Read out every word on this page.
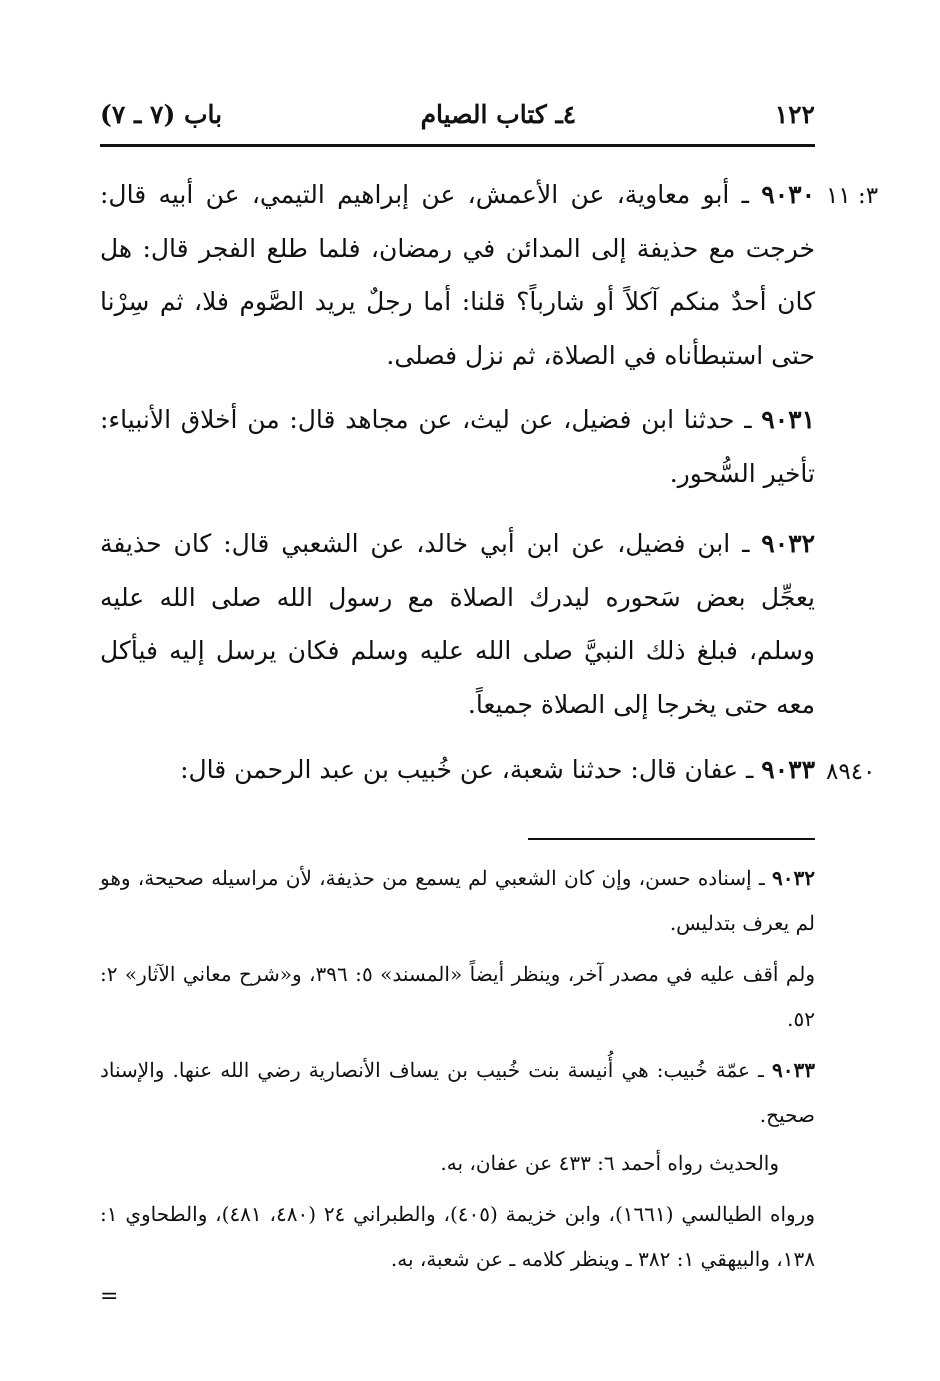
١٢٢
٤ـ كتاب الصيام
باب (٧ ـ ٧)
٣: ١١
٩٠٣٠ ـ أبو معاوية، عن الأعمش، عن إبراهيم التيمي، عن أبيه قال: خرجت مع حذيفة إلى المدائن في رمضان، فلما طلع الفجر قال: هل كان أحدٌ منكم آكلاً أو شارباً؟ قلنا: أما رجلٌ يريد الصَّوم فلا، ثم سِرْنا حتى استبطأناه في الصلاة، ثم نزل فصلى.
٩٠٣١ ـ حدثنا ابن فضيل، عن ليث، عن مجاهد قال: من أخلاق الأنبياء: تأخير السُّحور.
٩٠٣٢ ـ ابن فضيل، عن ابن أبي خالد، عن الشعبي قال: كان حذيفة يعجِّل بعض سَحوره ليدرك الصلاة مع رسول الله صلى الله عليه وسلم، فبلغ ذلك النبيَّ صلى الله عليه وسلم فكان يرسل إليه فيأكل معه حتى يخرجا إلى الصلاة جميعاً.
٨٩٤٠
٩٠٣٣ ـ عفان قال: حدثنا شعبة، عن خُبيب بن عبد الرحمن قال:
٩٠٣٢ ـ إسناده حسن، وإن كان الشعبي لم يسمع من حذيفة، لأن مراسيله صحيحة، وهو لم يعرف بتدليس.
ولم أقف عليه في مصدر آخر، وينظر أيضاً «المسند» ٥: ٣٩٦، و«شرح معاني الآثار» ٢: ٥٢.
٩٠٣٣ ـ عمّة خُبيب: هي أُنيسة بنت خُبيب بن يساف الأنصارية رضي الله عنها. والإسناد صحيح.
والحديث رواه أحمد ٦: ٤٣٣ عن عفان، به.
ورواه الطيالسي (١٦٦١)، وابن خزيمة (٤٠٥)، والطبراني ٢٤ (٤٨٠، ٤٨١)، والطحاوي ١: ١٣٨، والبيهقي ١: ٣٨٢ ـ وينظر كلامه ـ عن شعبة، به.
=
